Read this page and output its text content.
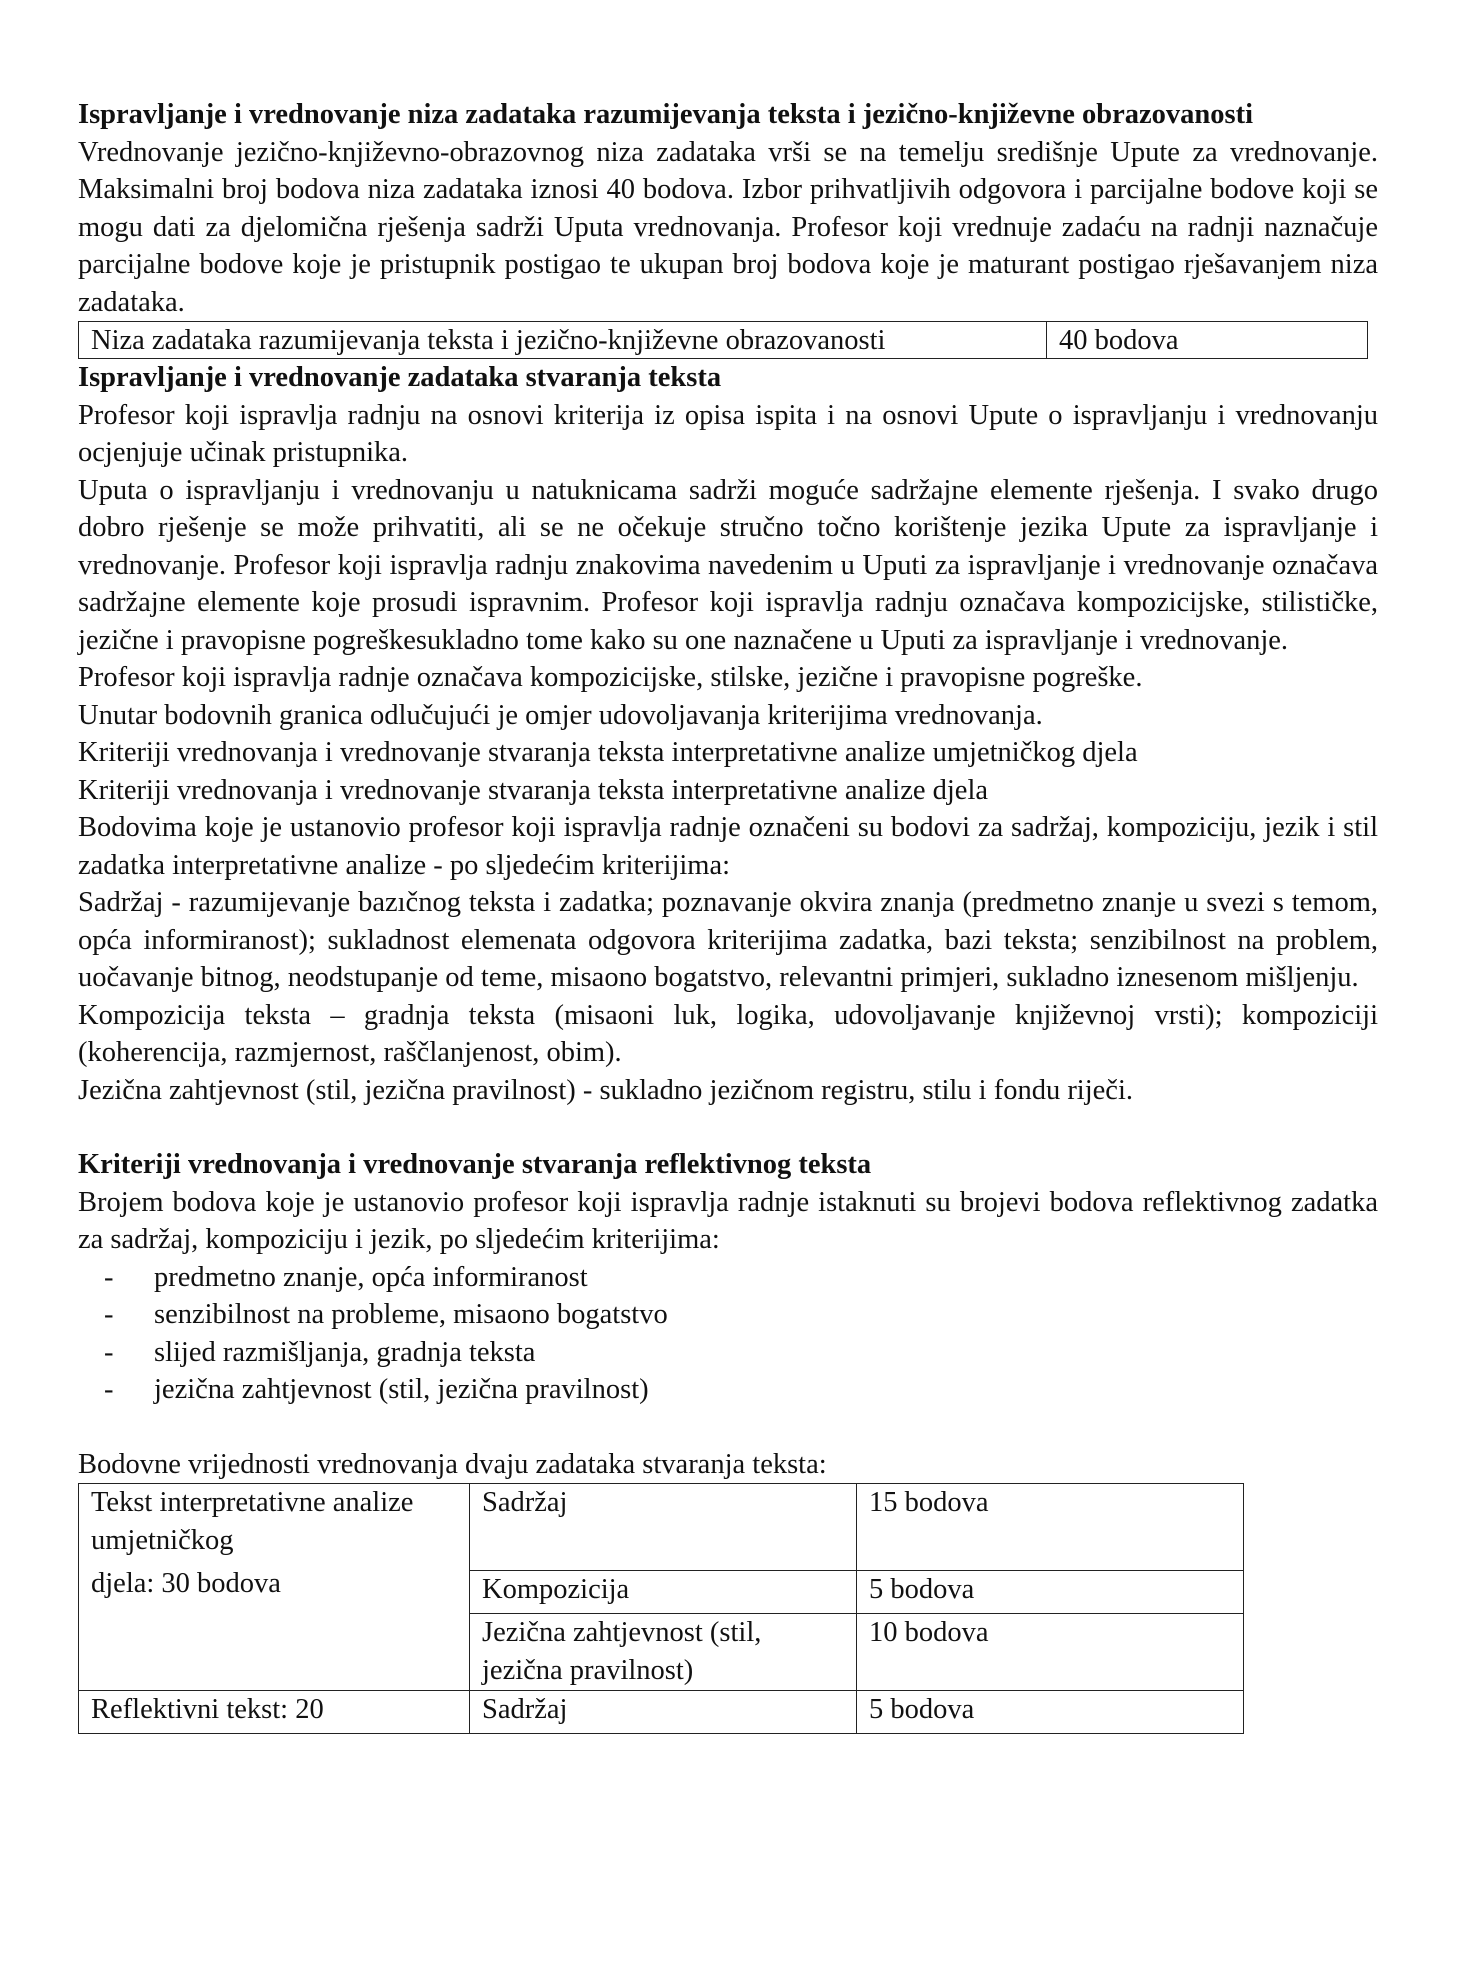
Ispravljanje i vrednovanje niza zadataka razumijevanja teksta i jezično-književne obrazovanosti

Vrednovanje jezično-književno-obrazovnog niza zadataka vrši se na temelju središnje Upute za vrednovanje. Maksimalni broj bodova niza zadataka iznosi 40 bodova. Izbor prihvatljivih odgovora i parcijalne bodove koji se mogu dati za djelomična rješenja sadrži Uputa vrednovanja. Profesor koji vrednuje zadaću na radnji naznačuje parcijalne bodove koje je pristupnik postigao te ukupan broj bodova koje je maturant postigao rješavanjem niza zadataka.

Niza zadataka razumijevanja teksta i jezično-književne obrazovanosti	40 bodova

Ispravljanje i vrednovanje zadataka stvaranja teksta

Profesor koji ispravlja radnju na osnovi kriterija iz opisa ispita i na osnovi Upute o ispravljanju i vrednovanju ocjenjuje učinak pristupnika.

Uputa o ispravljanju i vrednovanju u natuknicama sadrži moguće sadržajne elemente rješenja. I svako drugo dobro rješenje se može prihvatiti, ali se ne očekuje stručno točno korištenje jezika Upute za ispravljanje i vrednovanje. Profesor koji ispravlja radnju znakovima navedenim u Uputi za ispravljanje i vrednovanje označava sadržajne elemente koje prosudi ispravnim. Profesor koji ispravlja radnju označava kompozicijske, stilističke, jezične i pravopisne pogreškesukladno tome kako su one naznačene u Uputi za ispravljanje i vrednovanje.

Profesor koji ispravlja radnje označava kompozicijske, stilske, jezične i pravopisne pogreške.

Unutar bodovnih granica odlučujući je omjer udovoljavanja kriterijima vrednovanja.

Kriteriji vrednovanja i vrednovanje stvaranja teksta interpretativne analize umjetničkog djela

Kriteriji vrednovanja i vrednovanje stvaranja teksta interpretativne analize djela

Bodovima koje je ustanovio profesor koji ispravlja radnje označeni su bodovi za sadržaj, kompoziciju, jezik i stil zadatka interpretativne analize - po sljedećim kriterijima:

Sadržaj - razumijevanje bazıčnog teksta i zadatka; poznavanje okvira znanja (predmetno znanje u svezi s temom, opća informiranost); sukladnost elemenata odgovora kriterijima zadatka, bazi teksta; senzibilnost na problem, uočavanje bitnog, neodstupanje od teme, misaono bogatstvo, relevantni primjeri, sukladno iznesenom mišljenju.

Kompozicija teksta – gradnja teksta (misaoni luk, logika, udovoljavanje književnoj vrsti); kompoziciji (koherencija, razmjernost, raščlanjenost, obim).

Jezična zahtjevnost (stil, jezična pravilnost) - sukladno jezičnom registru, stilu i fondu riječi.

Kriteriji vrednovanja i vrednovanje stvaranja reflektivnog teksta

Brojem bodova koje je ustanovio profesor koji ispravlja radnje istaknuti su brojevi bodova reflektivnog zadatka za sadržaj, kompoziciju i jezik, po sljedećim kriterijima:

- predmetno znanje, opća informiranost
- senzibilnost na probleme, misaono bogatstvo
- slijed razmišljanja, gradnja teksta
- jezična zahtjevnost (stil, jezična pravilnost)

Bodovne vrijednosti vrednovanja dvaju zadataka stvaranja teksta:

Tekst interpretativne analize umjetničkog
djela: 30 bodova	Sadržaj	15 bodova
	Kompozicija	5 bodova
	Jezična zahtjevnost (stil, jezična pravilnost)	10 bodova
Reflektivni tekst: 20	Sadržaj	5 bodova
